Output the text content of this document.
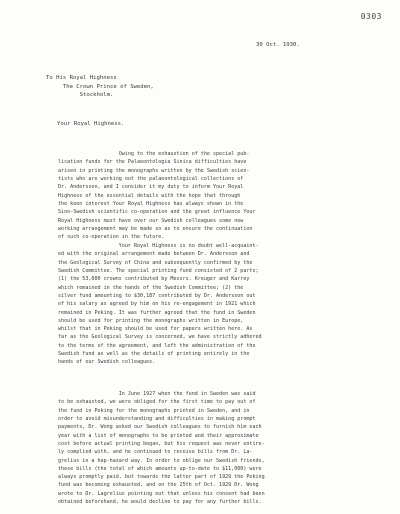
0303
30 Oct. 1930.
To His Royal Highness
The Crown Prince of Sweden,
Stockholm.
Your Royal Highness.
Owing to the exhaustion of the special pub-
lication funds for the Palaeontologia Sinica difficulties have
arisen in printing the monographs written by the Swedish scien-
tists who are working out the palaeontological collections of
Dr. Andersson, and I consider it my duty to inform Your Royal
Highness of the essential details with the hope that through
the keen interest Your Royal Highness has always shown in the
Sino-Swedish scientific co-operation and the great influence Your
Royal Highness must have over our Swedish colleagues some new
working arrangement may be made so as to ensure the continuation
of such co-operation in the future.
Your Royal Highness is no doubt well-acquaint-
ed with the original arrangement made between Dr. Andersson and
the Geological Survey of China and subsequently confirmed by the
Swedish Committee. The special printing fund consisted of 2 parts;
(1) the 53,000 crowns contributed by Messrs. Kreuger and Karrey
which remained in the hands of the Swedish Committee; (2) the
silver fund amounting to $30,187 contributed by Dr. Andersson out
of his salary as agreed by him on his re-engagement in 1921 which
remained in Peking. It was further agreed that the fund in Sweden
should be used for printing the monographs written in Europe,
whilst that in Peking should be used for papers written here. As
far as the Geological Survey is concerned, we have strictly adhered
to the terms of the agreement, and left the administration of the
Swedish fund as well as the details of printing entirely in the
hands of our Swedish colleagues.
In June 1927 when the fund in Sweden was said
to be exhausted, we were obliged for the first time to pay out of
the fund in Peking for the monographs printed in Sweden, and in
order to avoid misunderstanding and difficulties in making prompt
payments, Dr. Wong asked our Swedish colleagues to furnish him each
year with a list of monographs to be printed and their approximate
cost before actual printing began, but his request was never entire-
ly complied with, and he continued to receive bills from Dr. La-
grelius in a hap-hazard way. In order to oblige our Swedish friends,
these bills (the total of which amounts up-to-date to $11,000) were
always promptly paid, but towards the latter part of 1929 the Peking
fund was becoming exhausted, and on the 25th of Oct. 1929 Dr. Wong
wrote to Dr. Lagrelius pointing out that unless his consent had been
obtained beforehand, he would decline to pay for any further bills.
